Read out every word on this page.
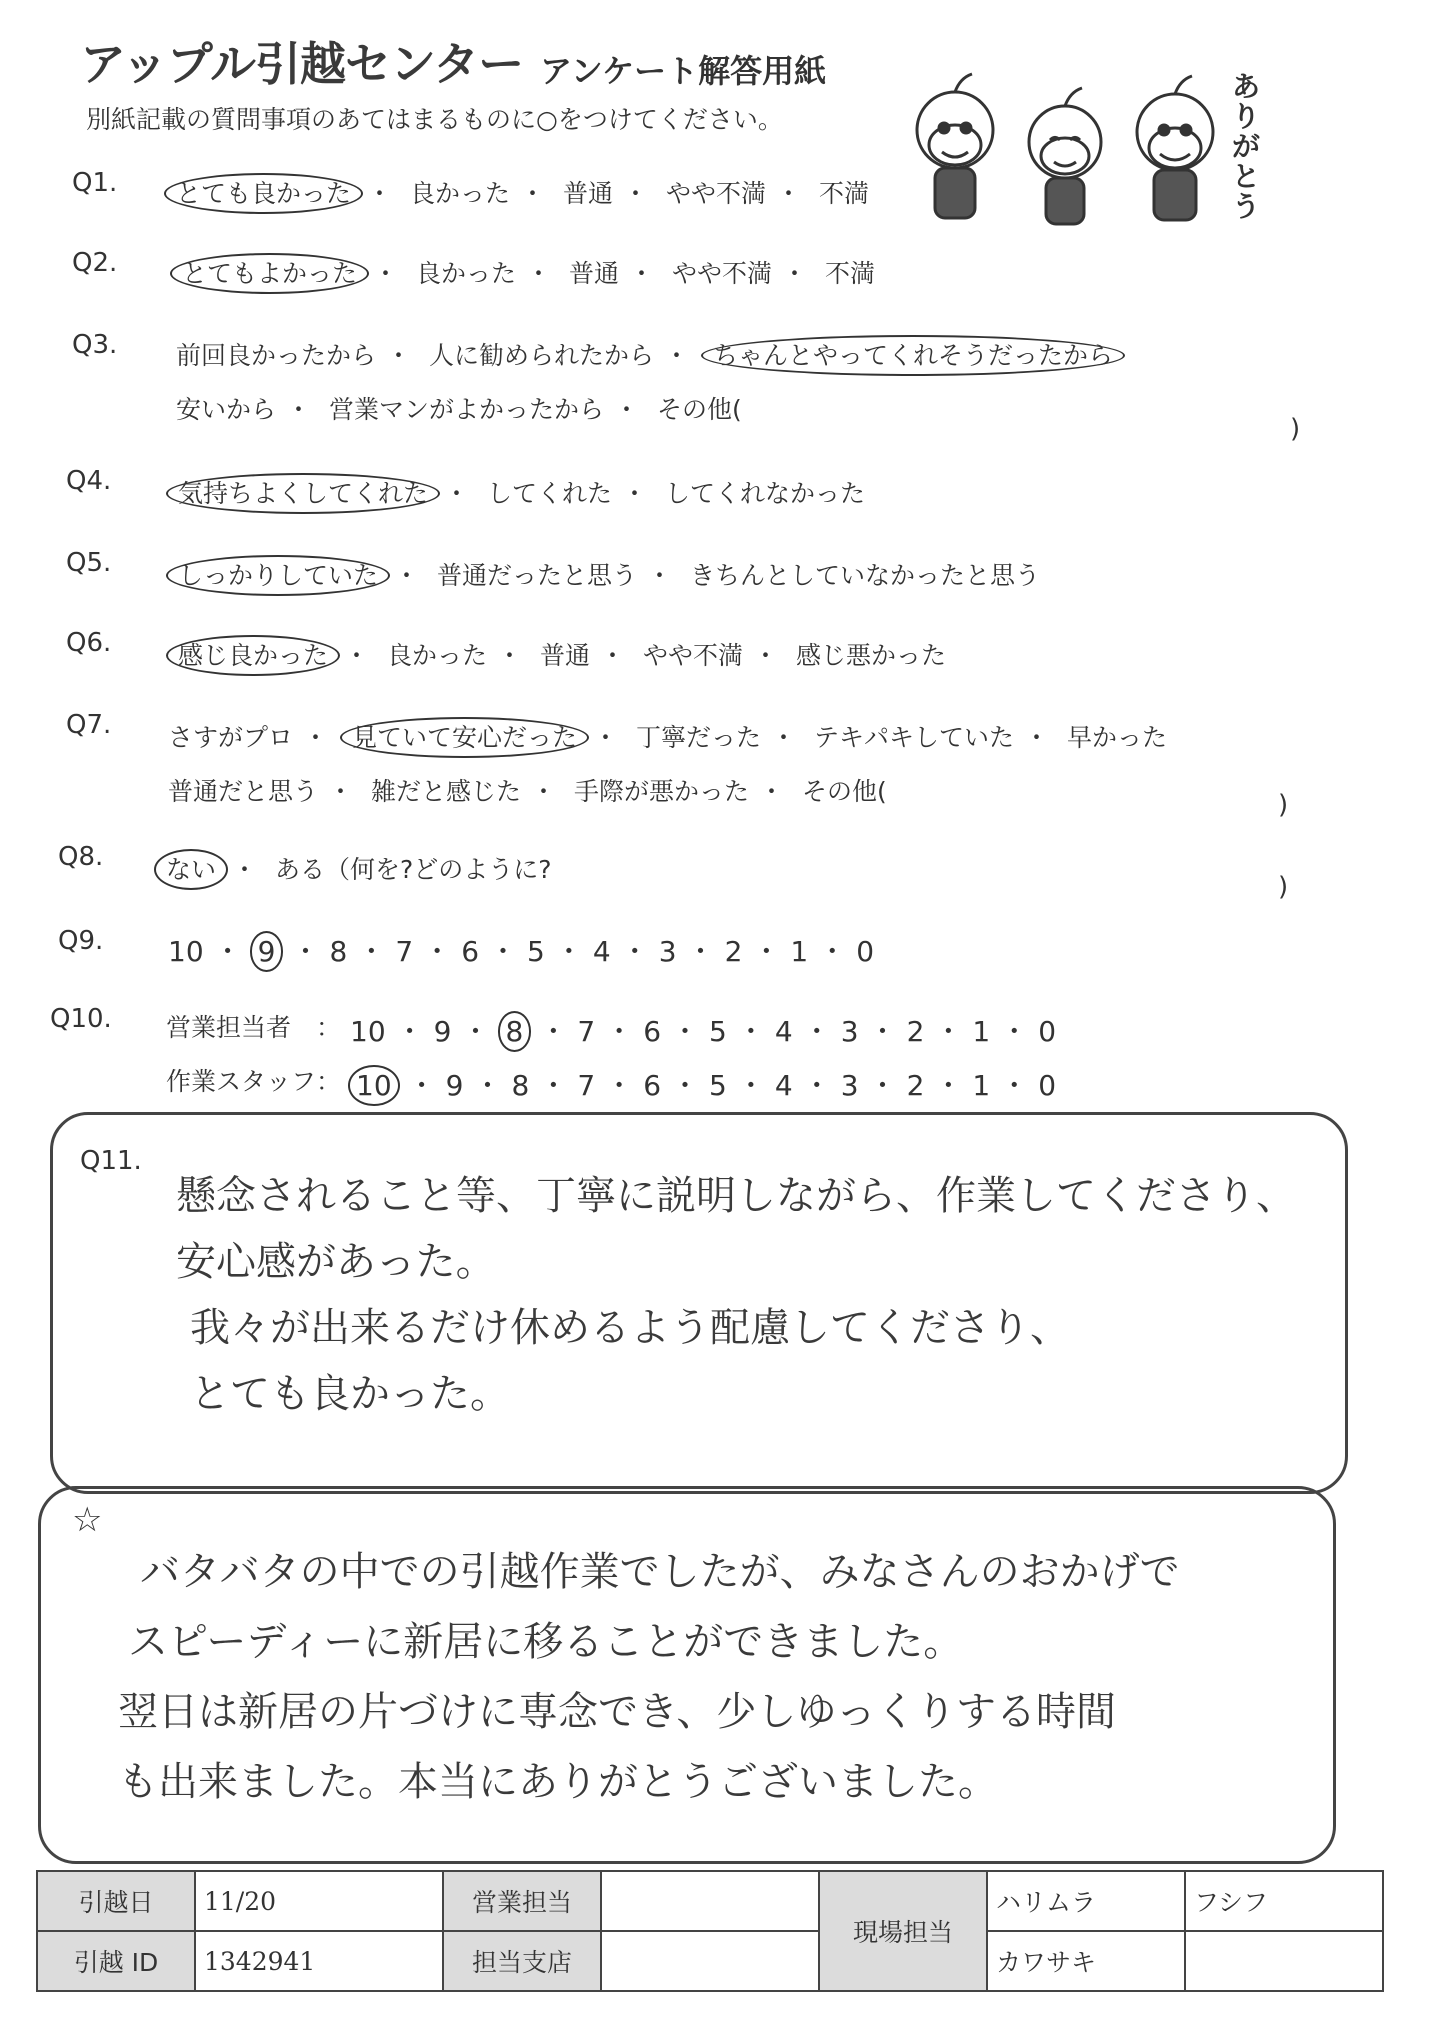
アップル引越センター アンケート解答用紙
別紙記載の質問事項のあてはまるものに○をつけてください。
ありがとう
Q1. とても良かった ・ 良かった ・ 普通 ・ やや不満 ・ 不満
Q2.	とてもよかった ・ 良かった ・ 普通 ・ やや不満 ・ 不満
Q3. 前回良かったから ・ 人に勧められたから ・ ちゃんとやってくれそうだったから
安いから ・ 営業マンがよかったから ・ その他(
)
Q4.	気持ちよくしてくれた ・ してくれた ・ してくれなかった
Q5.	しっかりしていた ・ 普通だったと思う ・ きちんとしていなかったと思う
Q6.	感じ良かった ・ 良かった ・ 普通 ・ やや不満 ・ 感じ悪かった
Q7. さすがプロ ・ 見ていて安心だった ・ 丁寧だった ・ テキパキしていた ・ 早かった
普通だと思う ・ 雑だと感じた ・ 手際が悪かった ・ その他(	)
Q8.	ない ・ ある（何を?どのように?
)
Q9. 10 ・ 9 ・ 8 ・ 7 ・ 6 ・ 5 ・ 4 ・ 3 ・ 2 ・ 1 ・ 0
Q10. 営業担当者 ： 10 ・ 9 ・ 8 ・ 7 ・ 6 ・ 5 ・ 4 ・ 3 ・ 2 ・ 1 ・ 0
作業スタッフ ： 10 ・ 9 ・ 8 ・ 7 ・ 6 ・ 5 ・ 4 ・ 3 ・ 2 ・ 1 ・ 0
Q11.
懸念されること等、丁寧に説明しながら、作業してくださり、
安心感があった。
我々が出来るだけ休めるよう配慮してくださり、
とても良かった。
☆
バタバタの中での引越作業でしたが、みなさんのおかげで
スピーディーに新居に移ることができました。
翌日は新居の片づけに専念でき、少しゆっくりする時間
も出来ました。本当にありがとうございました。
引越日	11/20	営業担当		現場担当	ハリムラ	フシフ
引越 ID	1342941	担当支店			カワサキ	
